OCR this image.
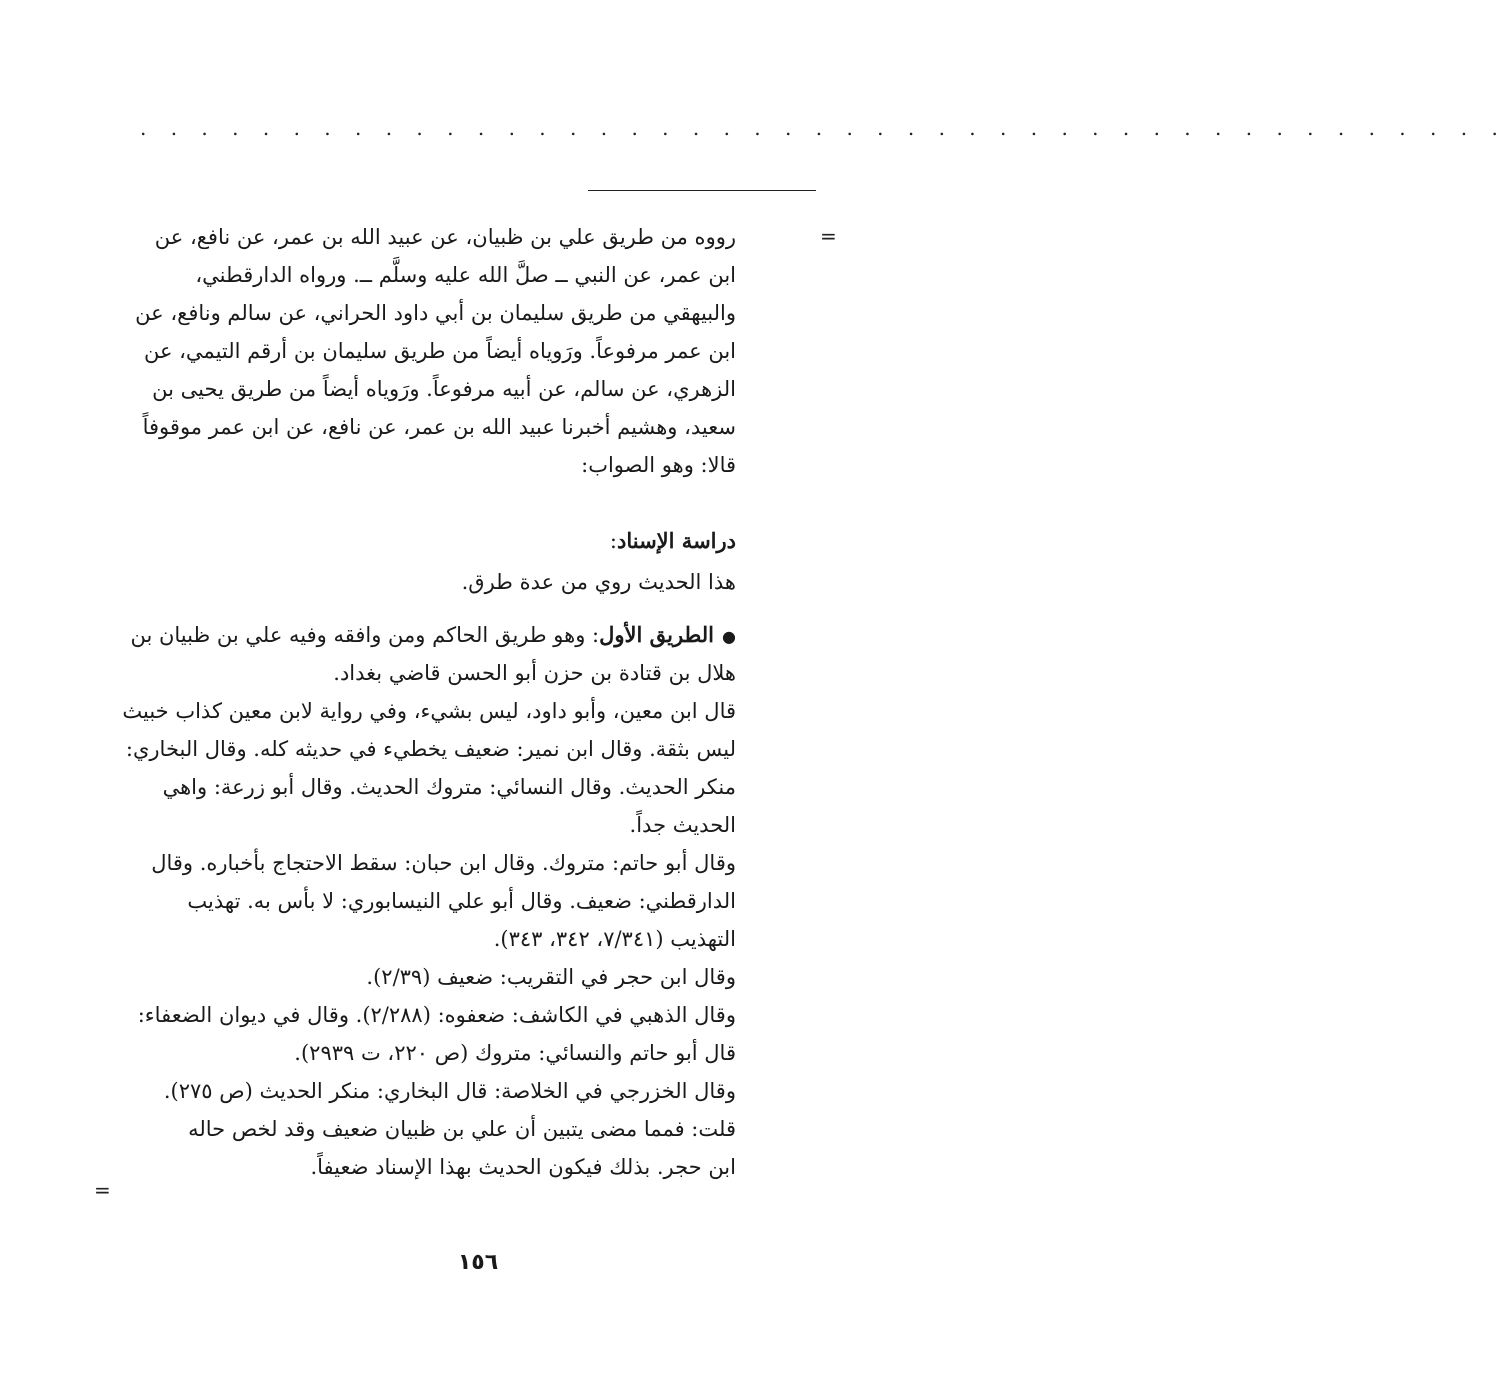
. . . . . . . . . . . . . . . . . . . . . . . . . . . . . . . . . . . . . . . . . . . . .
=
رووه من طريق علي بن ظبيان، عن عبيد الله بن عمر، عن نافع، عن
ابن عمر، عن النبي ــ صلَّ الله عليه وسلَّم ــ. ورواه الدارقطني،
والبيهقي من طريق سليمان بن أبي داود الحراني، عن سالم ونافع، عن
ابن عمر مرفوعاً. ورَوياه أيضاً من طريق سليمان بن أرقم التيمي، عن
الزهري، عن سالم، عن أبيه مرفوعاً. ورَوياه أيضاً من طريق يحيى بن
سعيد، وهشيم أخبرنا عبيد الله بن عمر، عن نافع، عن ابن عمر موقوفاً
قالا: وهو الصواب:
دراسة الإسناد:
هذا الحديث روي من عدة طرق.
●الطريق الأول: وهو طريق الحاكم ومن وافقه وفيه علي بن ظبيان بن
هلال بن قتادة بن حزن أبو الحسن قاضي بغداد.
قال ابن معين، وأبو داود، ليس بشيء، وفي رواية لابن معين كذاب خبيث
ليس بثقة. وقال ابن نمير: ضعيف يخطيء في حديثه كله. وقال البخاري:
منكر الحديث. وقال النسائي: متروك الحديث. وقال أبو زرعة: واهي
الحديث جداً.
وقال أبو حاتم: متروك. وقال ابن حبان: سقط الاحتجاج بأخباره. وقال
الدارقطني: ضعيف. وقال أبو علي النيسابوري: لا بأس به. تهذيب
التهذيب (٧/٣٤١، ٣٤٢، ٣٤٣).
وقال ابن حجر في التقريب: ضعيف (٢/٣٩).
وقال الذهبي في الكاشف: ضعفوه: (٢/٢٨٨). وقال في ديوان الضعفاء:
قال أبو حاتم والنسائي: متروك (ص ٢٢٠، ت ٢٩٣٩).
وقال الخزرجي في الخلاصة: قال البخاري: منكر الحديث (ص ٢٧٥).
قلت: فمما مضى يتبين أن علي بن ظبيان ضعيف وقد لخص حاله
ابن حجر. بذلك فيكون الحديث بهذا الإسناد ضعيفاً.
=
١٥٦
